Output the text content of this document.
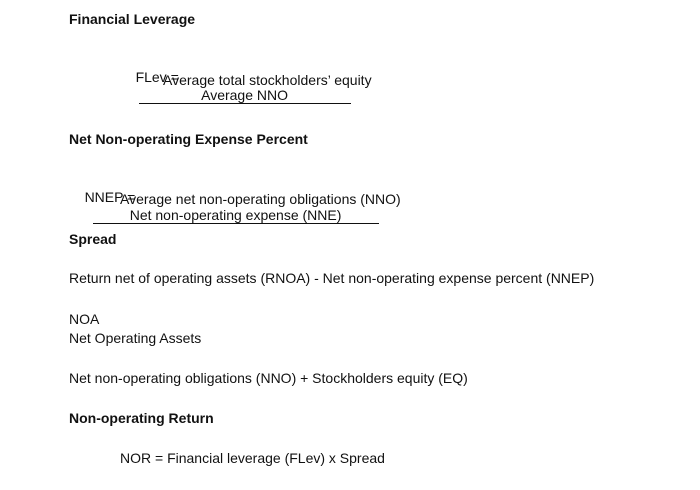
Financial Leverage

FLev =
Average NNO

Average total stockholders’ equity
Net Non-operating Expense Percent

NNEP =
Net non-operating expense (NNE)

Average net non-operating obligations (NNO)
Spread
Return net of operating assets (RNOA) - Net non-operating expense percent (NNEP)
NOA
Net Operating Assets
Net non-operating obligations (NNO) + Stockholders equity (EQ)
Non-operating Return
NOR = Financial leverage (FLev) x Spread
